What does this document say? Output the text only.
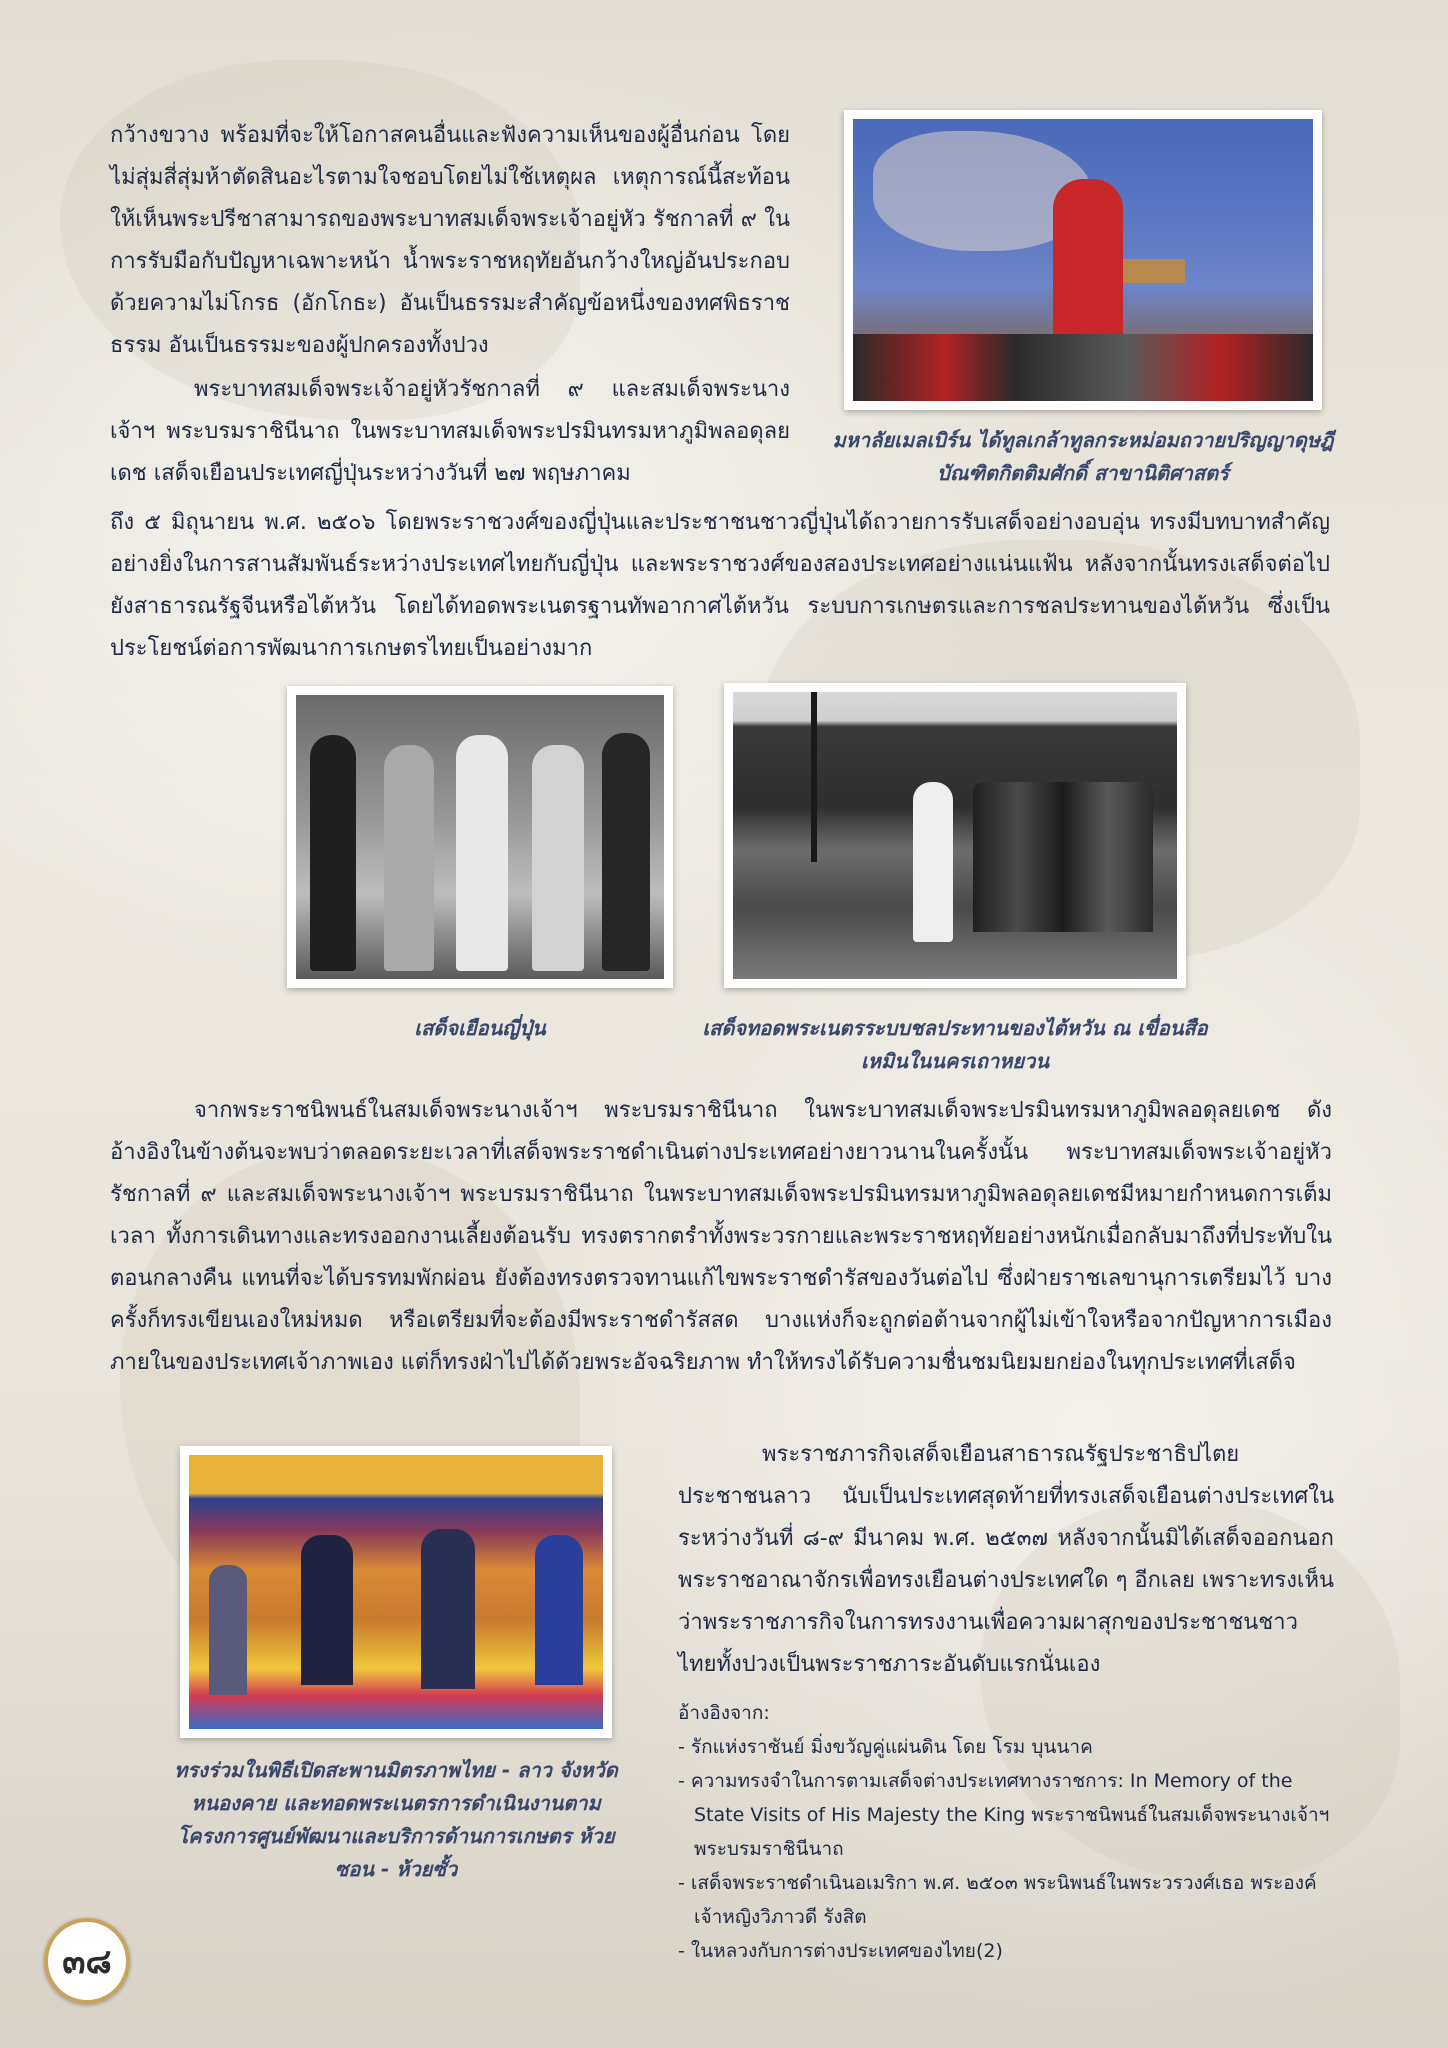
กว้างขวาง พร้อมที่จะให้โอกาสคนอื่นและฟังความเห็นของผู้อื่นก่อน โดยไม่สุ่มสี่สุ่มห้าตัดสินอะไรตามใจชอบโดยไม่ใช้เหตุผล เหตุการณ์นี้สะท้อนให้เห็นพระปรีชาสามารถของพระบาทสมเด็จพระเจ้าอยู่หัว รัชกาลที่ ๙ ในการรับมือกับปัญหาเฉพาะหน้า น้ำพระราชหฤทัยอันกว้างใหญ่อันประกอบด้วยความไม่โกรธ (อักโกธะ) อันเป็นธรรมะสำคัญข้อหนึ่งของทศพิธราชธรรม อันเป็นธรรมะของผู้ปกครองทั้งปวง

พระบาทสมเด็จพระเจ้าอยู่หัวรัชกาลที่ ๙ และสมเด็จพระนางเจ้าฯ พระบรมราชินีนาถ ในพระบาทสมเด็จพระปรมินทรมหาภูมิพลอดุลยเดช เสด็จเยือนประเทศญี่ปุ่นระหว่างวันที่ ๒๗ พฤษภาคม

มหาลัยเมลเบิร์น ได้ทูลเกล้าทูลกระหม่อมถวายปริญญาดุษฎีบัณฑิตกิตติมศักดิ์ สาขานิติศาสตร์

ถึง ๕ มิถุนายน พ.ศ. ๒๕๐๖ โดยพระราชวงศ์ของญี่ปุ่นและประชาชนชาวญี่ปุ่นได้ถวายการรับเสด็จอย่างอบอุ่น ทรงมีบทบาทสำคัญอย่างยิ่งในการสานสัมพันธ์ระหว่างประเทศไทยกับญี่ปุ่น และพระราชวงศ์ของสองประเทศอย่างแน่นแฟ้น หลังจากนั้นทรงเสด็จต่อไปยังสาธารณรัฐจีนหรือไต้หวัน โดยได้ทอดพระเนตรฐานทัพอากาศไต้หวัน ระบบการเกษตรและการชลประทานของไต้หวัน ซึ่งเป็นประโยชน์ต่อการพัฒนาการเกษตรไทยเป็นอย่างมาก

เสด็จเยือนญี่ปุ่น	เสด็จทอดพระเนตรระบบชลประทานของไต้หวัน ณ เขื่อนสือเหมินในนครเถาหยวน

จากพระราชนิพนธ์ในสมเด็จพระนางเจ้าฯ พระบรมราชินีนาถ ในพระบาทสมเด็จพระปรมินทรมหาภูมิพลอดุลยเดช ดังอ้างอิงในข้างต้นจะพบว่าตลอดระยะเวลาที่เสด็จพระราชดำเนินต่างประเทศอย่างยาวนานในครั้งนั้น พระบาทสมเด็จพระเจ้าอยู่หัวรัชกาลที่ ๙ และสมเด็จพระนางเจ้าฯ พระบรมราชินีนาถ ในพระบาทสมเด็จพระปรมินทรมหาภูมิพลอดุลยเดชมีหมายกำหนดการเต็มเวลา ทั้งการเดินทางและทรงออกงานเลี้ยงต้อนรับ ทรงตรากตรำทั้งพระวรกายและพระราชหฤทัยอย่างหนักเมื่อกลับมาถึงที่ประทับในตอนกลางคืน แทนที่จะได้บรรทมพักผ่อน ยังต้องทรงตรวจทานแก้ไขพระราชดำรัสของวันต่อไป ซึ่งฝ่ายราชเลขานุการเตรียมไว้ บางครั้งก็ทรงเขียนเองใหม่หมด หรือเตรียมที่จะต้องมีพระราชดำรัสสด บางแห่งก็จะถูกต่อต้านจากผู้ไม่เข้าใจหรือจากปัญหาการเมืองภายในของประเทศเจ้าภาพเอง แต่ก็ทรงฝ่าไปได้ด้วยพระอัจฉริยภาพ ทำให้ทรงได้รับความชื่นชมนิยมยกย่องในทุกประเทศที่เสด็จ

ทรงร่วมในพิธีเปิดสะพานมิตรภาพไทย - ลาว จังหวัดหนองคาย และทอดพระเนตรการดำเนินงานตามโครงการศูนย์พัฒนาและบริการด้านการเกษตร ห้วยซอน - ห้วยซั้ว

พระราชภารกิจเสด็จเยือนสาธารณรัฐประชาธิปไตยประชาชนลาว นับเป็นประเทศสุดท้ายที่ทรงเสด็จเยือนต่างประเทศในระหว่างวันที่ ๘-๙ มีนาคม พ.ศ. ๒๕๓๗ หลังจากนั้นมิได้เสด็จออกนอกพระราชอาณาจักรเพื่อทรงเยือนต่างประเทศใด ๆ อีกเลย เพราะทรงเห็นว่าพระราชภารกิจในการทรงงานเพื่อความผาสุกของประชาชนชาวไทยทั้งปวงเป็นพระราชภาระอันดับแรกนั่นเอง

อ้างอิงจาก:
- รักแห่งราชันย์ มิ่งขวัญคู่แผ่นดิน โดย โรม บุนนาค
- ความทรงจำในการตามเสด็จต่างประเทศทางราชการ: In Memory of the State Visits of His Majesty the King พระราชนิพนธ์ในสมเด็จพระนางเจ้าฯ พระบรมราชินีนาถ
- เสด็จพระราชดำเนินอเมริกา พ.ศ. ๒๕๐๓ พระนิพนธ์ในพระวรวงศ์เธอ พระองค์เจ้าหญิงวิภาวดี รังสิต
- ในหลวงกับการต่างประเทศของไทย(2)
๓๘
